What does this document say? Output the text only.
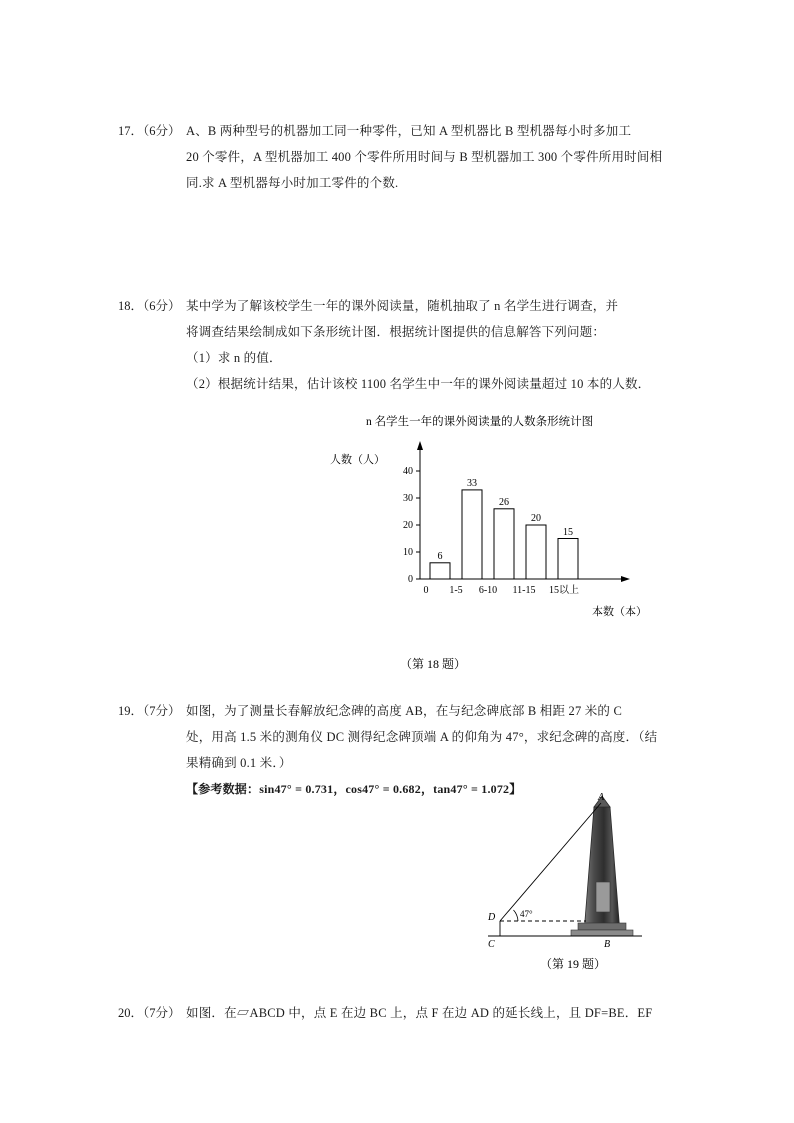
17．（6分） A、B 两种型号的机器加工同一种零件，已知 A 型机器比 B 型机器每小时多加工
20 个零件，A 型机器加工 400 个零件所用时间与 B 型机器加工 300 个零件所用时间相
同.求 A 型机器每小时加工零件的个数.
18．（6分） 某中学为了解该校学生一年的课外阅读量，随机抽取了 n 名学生进行调查，并
将调查结果绘制成如下条形统计图．根据统计图提供的信息解答下列问题：
（1）求 n 的值．
（2）根据统计结果，估计该校 1100 名学生中一年的课外阅读量超过 10 本的人数．
n 名学生一年的课外阅读量的人数条形统计图
人数（人）
本数（本）
0
10
20
30
40
6
33
26
20
15
0 1-5 6-10 11-15 15以上
（第 18 题）
19．（7分） 如图，为了测量长春解放纪念碑的高度 AB，在与纪念碑底部 B 相距 27 米的 C
处，用高 1.5 米的测角仪 DC 测得纪念碑顶端 A 的仰角为 47°，求纪念碑的高度．（结
果精确到 0.1 米．）
【参考数据：sin47° = 0.731，cos47° = 0.682，tan47° = 1.072】
A
D
C	B
47°
（第 19 题）
20．（7分） 如图．在▱ABCD 中，点 E 在边 BC 上，点 F 在边 AD 的延长线上，且 DF=BE．EF
